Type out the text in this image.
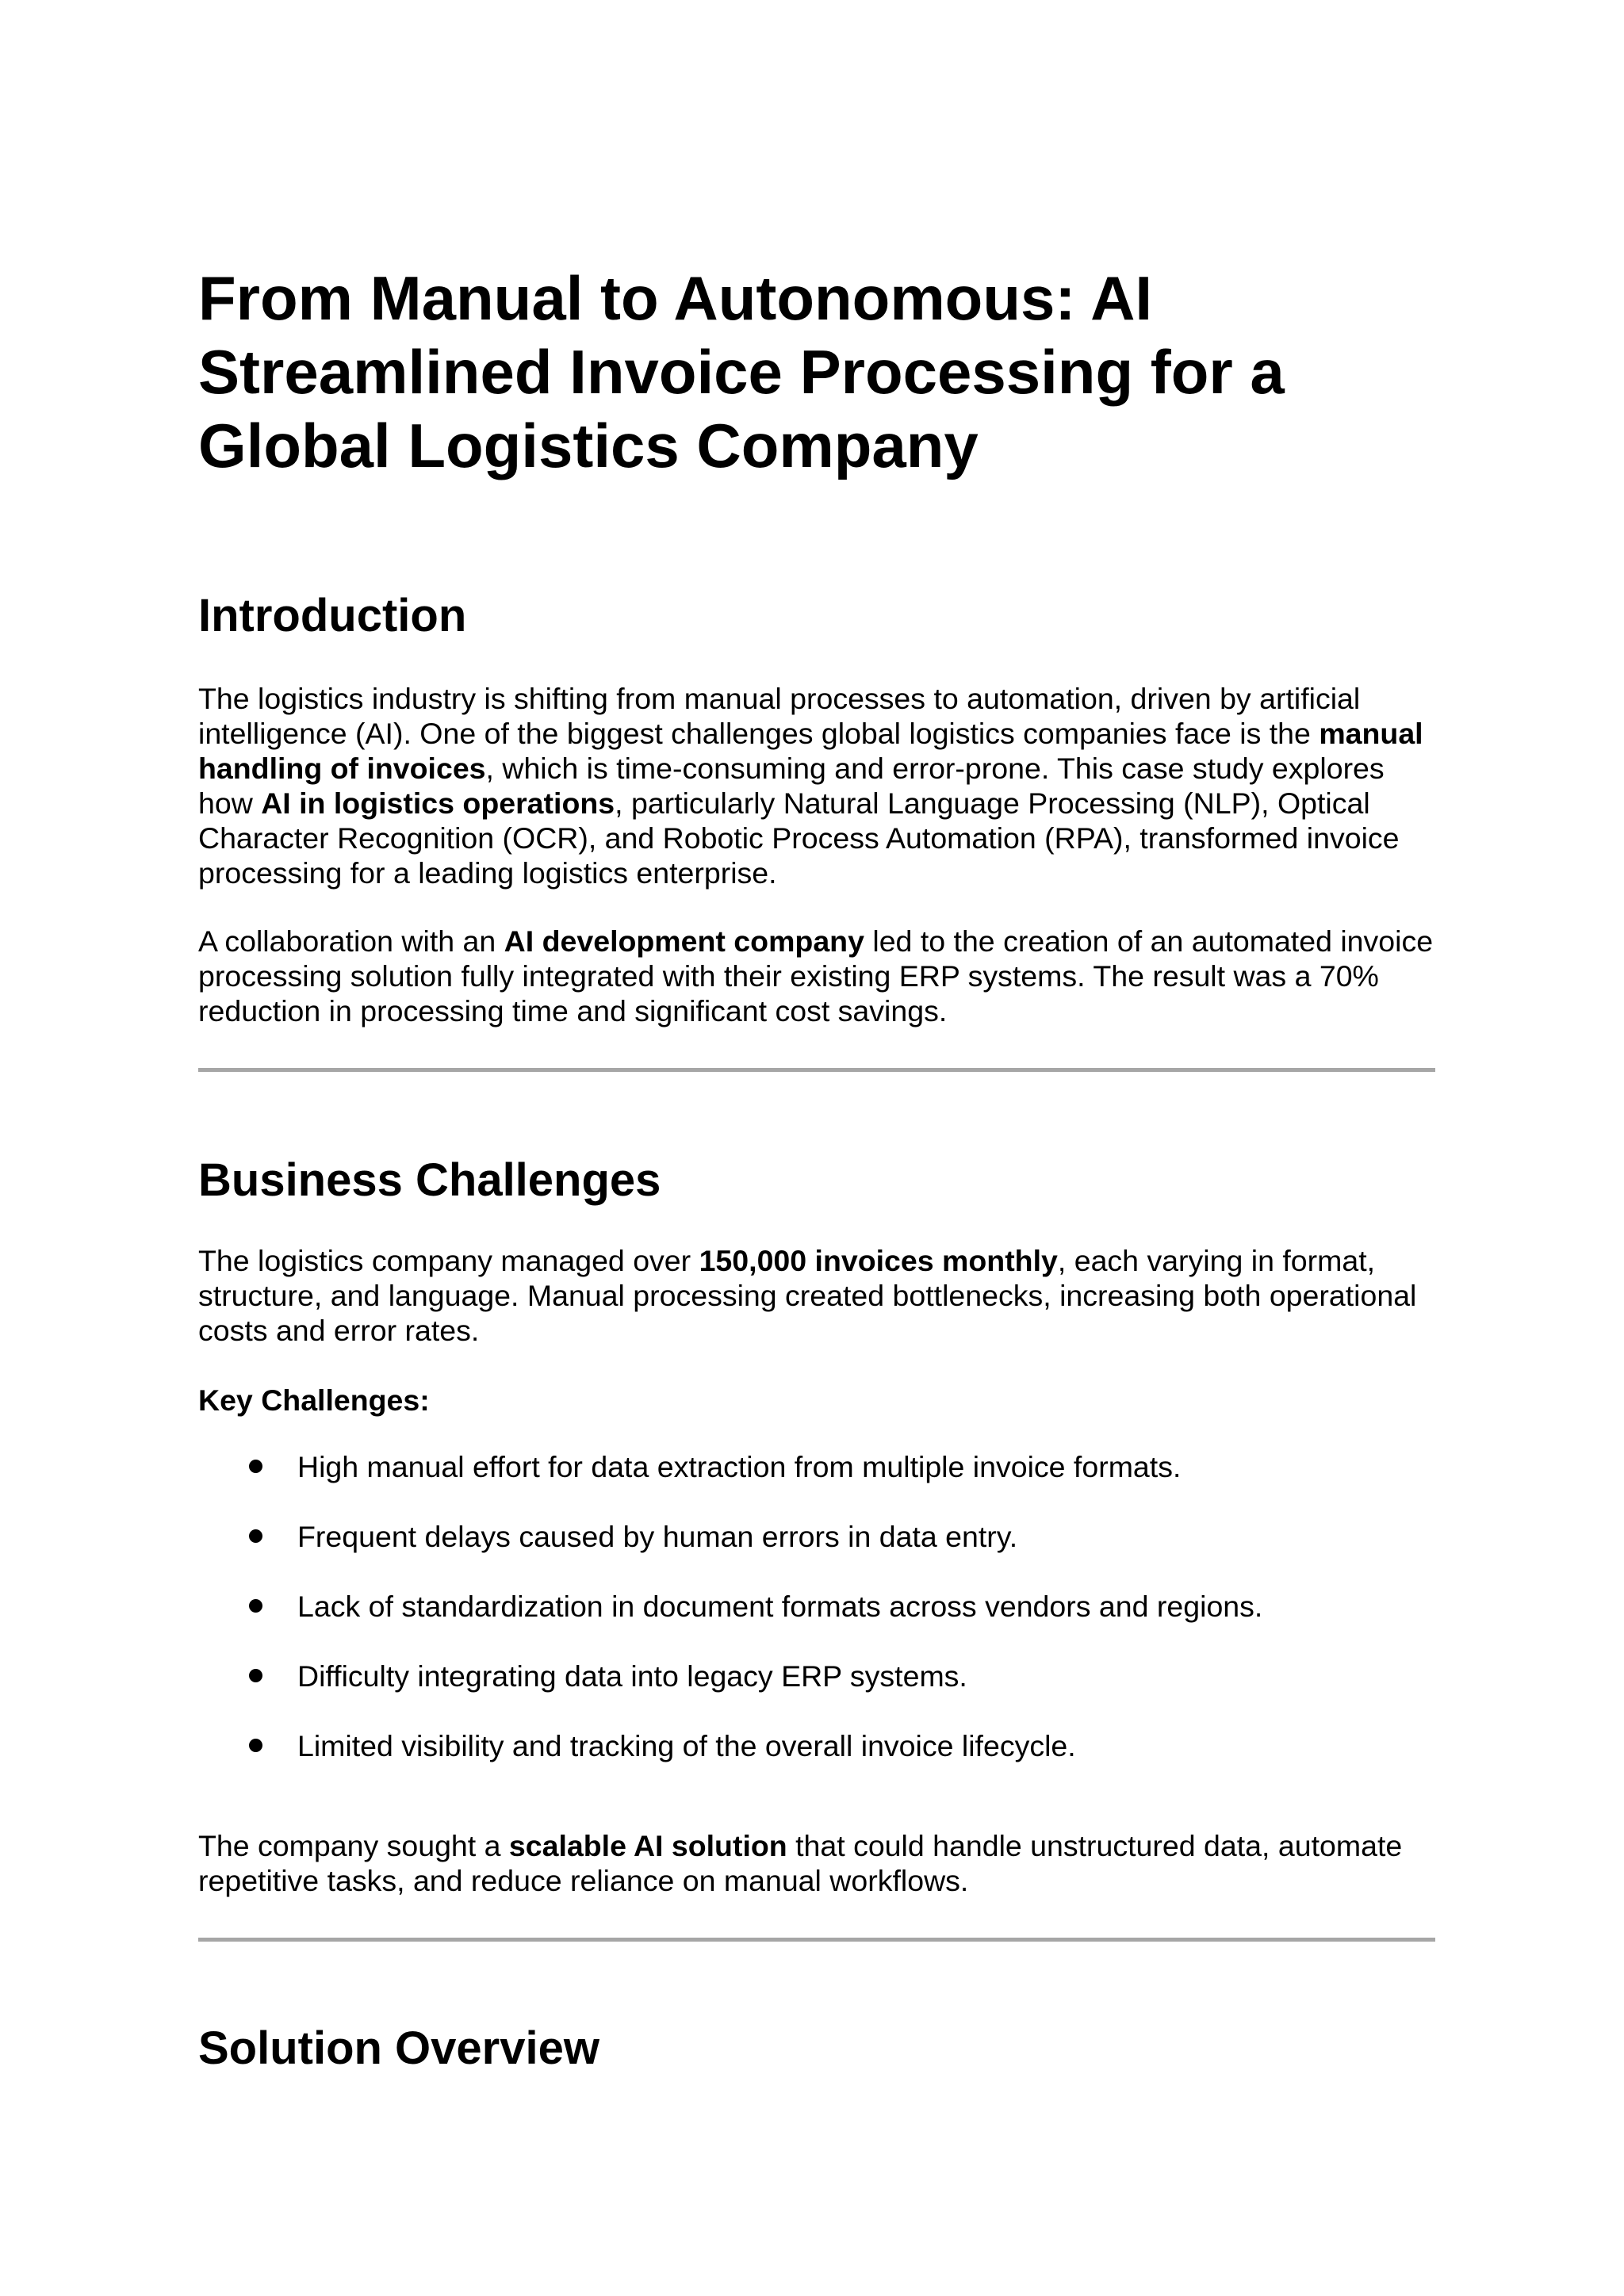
From Manual to Autonomous: AI Streamlined Invoice Processing for a Global Logistics Company
Introduction

The logistics industry is shifting from manual processes to automation, driven by artificial intelligence (AI). One of the biggest challenges global logistics companies face is the manual handling of invoices, which is time-consuming and error-prone. This case study explores how AI in logistics operations, particularly Natural Language Processing (NLP), Optical Character Recognition (OCR), and Robotic Process Automation (RPA), transformed invoice processing for a leading logistics enterprise.

A collaboration with an AI development company led to the creation of an automated invoice processing solution fully integrated with their existing ERP systems. The result was a 70% reduction in processing time and significant cost savings.

Business Challenges

The logistics company managed over 150,000 invoices monthly, each varying in format, structure, and language. Manual processing created bottlenecks, increasing both operational costs and error rates.

Key Challenges:
High manual effort for data extraction from multiple invoice formats.
Frequent delays caused by human errors in data entry.
Lack of standardization in document formats across vendors and regions.
Difficulty integrating data into legacy ERP systems.
Limited visibility and tracking of the overall invoice lifecycle.

The company sought a scalable AI solution that could handle unstructured data, automate repetitive tasks, and reduce reliance on manual workflows.

Solution Overview
